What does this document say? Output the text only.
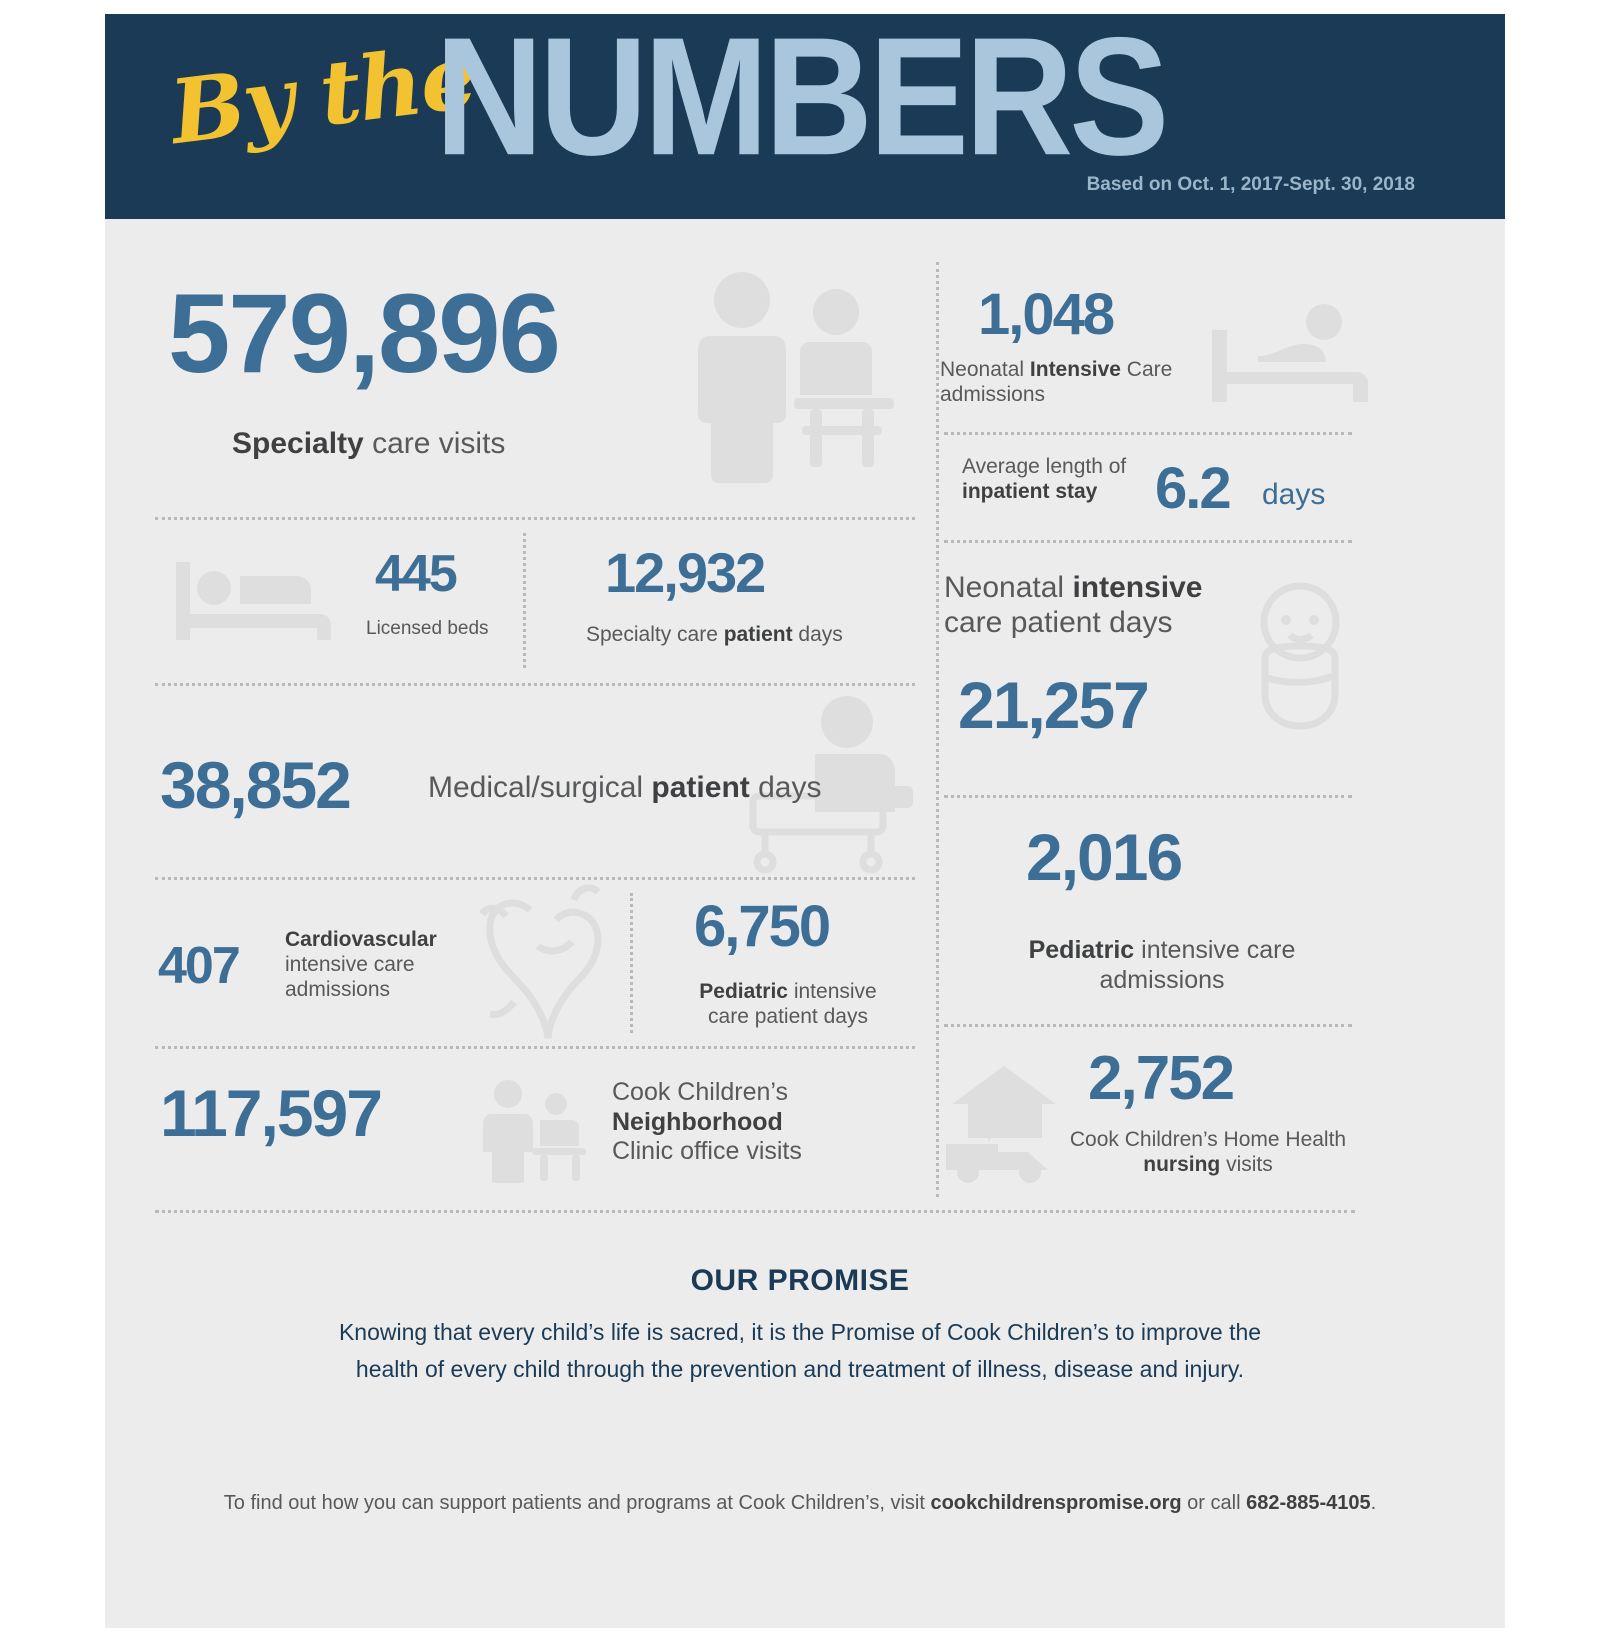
By the
NUMBERS
Based on Oct. 1, 2017-Sept. 30, 2018
579,896
Specialty care visits
445
Licensed beds
12,932
Specialty care patient days
38,852	Medical/surgical patient days
407 Cardiovascular
intensive care
admissions
6,750
Pediatric intensive
care patient days
117,597	Cook Children’s
Neighborhood
Clinic office visits
1,048
Neonatal Intensive Care
admissions
Average length of
inpatient stay 6.2 days
Neonatal intensive
care patient days
21,257
2,016
Pediatric intensive care
admissions
2,752
Cook Children’s Home Health
nursing visits
OUR PROMISE
Knowing that every child’s life is sacred, it is the Promise of Cook Children’s to improve the
health of every child through the prevention and treatment of illness, disease and injury.
To find out how you can support patients and programs at Cook Children’s, visit cookchildrenspromise.org or call 682-885-4105.
